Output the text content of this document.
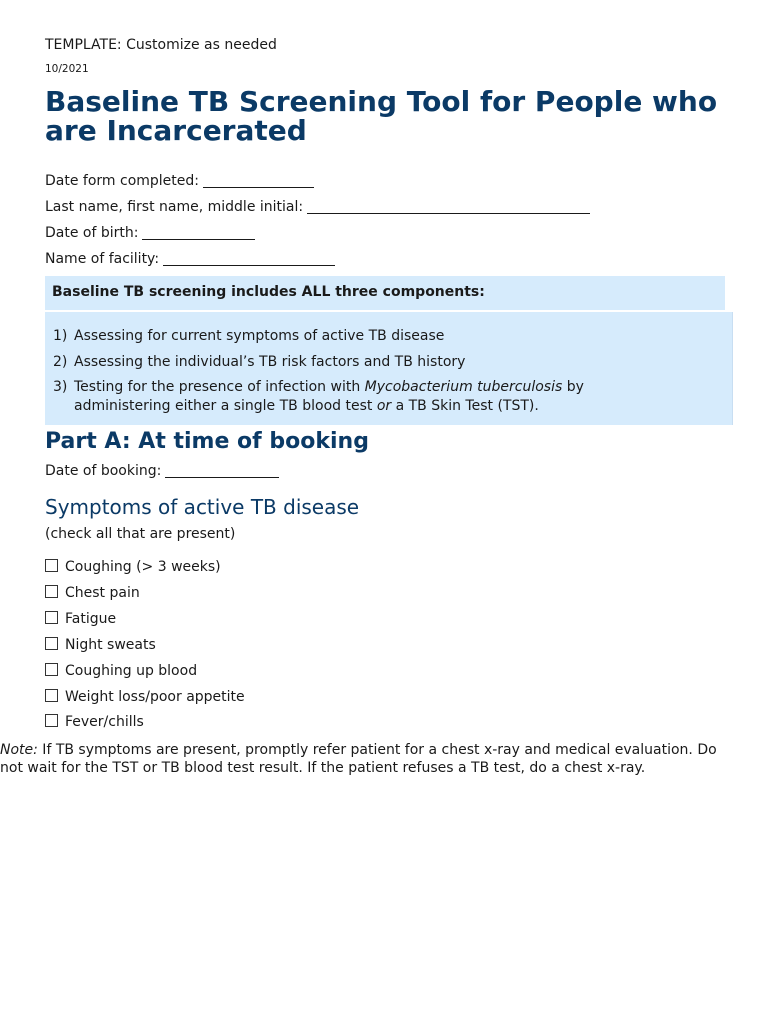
TEMPLATE: Customize as needed
10/2021
Baseline TB Screening Tool for People who are Incarcerated
Date form completed:
Last name, first name, middle initial:
Date of birth:
Name of facility:
Baseline TB screening includes ALL three components:
1) Assessing for current symptoms of active TB disease
2) Assessing the individual’s TB risk factors and TB history
3) Testing for the presence of infection with Mycobacterium tuberculosis by administering either a single TB blood test or a TB Skin Test (TST).
Part A: At time of booking
Date of booking:
Symptoms of active TB disease
(check all that are present)
Coughing (> 3 weeks)
Chest pain
Fatigue
Night sweats
Coughing up blood
Weight loss/poor appetite
Fever/chills
Note: If TB symptoms are present, promptly refer patient for a chest x-ray and medical evaluation. Do not wait for the TST or TB blood test result. If the patient refuses a TB test, do a chest x-ray.
